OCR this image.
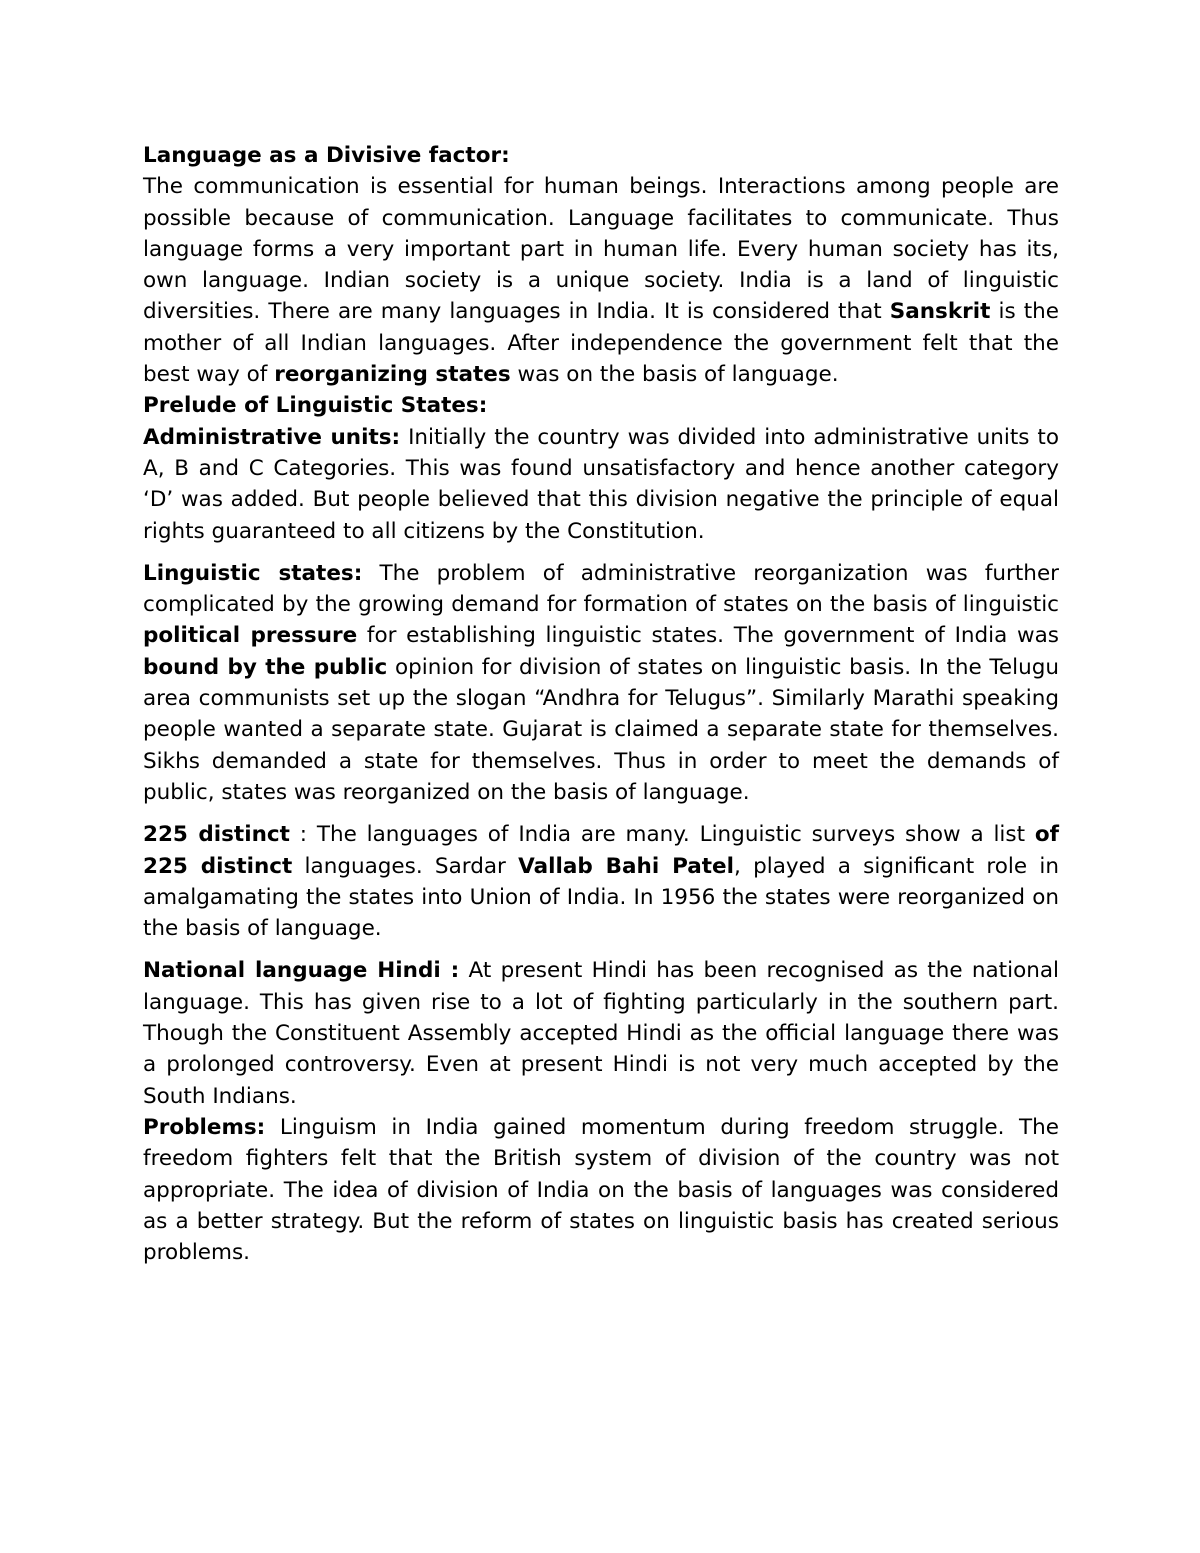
Language as a Divisive factor:

The communication is essential for human beings. Interactions among people are possible because of communication. Language facilitates to communicate. Thus language forms a very important part in human life. Every human society has its, own language. Indian society is a unique society. India is a land of linguistic diversities. There are many languages in India. It is considered that Sanskrit is the mother of all Indian languages. After independence the government felt that the best way of reorganizing states was on the basis of language.

Prelude of Linguistic States:

Administrative units: Initially the country was divided into administrative units to A, B and C Categories. This was found unsatisfactory and hence another category ‘D’ was added. But people believed that this division negative the principle of equal rights guaranteed to all citizens by the Constitution.

Linguistic states: The problem of administrative reorganization was further complicated by the growing demand for formation of states on the basis of linguistic political pressure for establishing linguistic states. The government of India was bound by the public opinion for division of states on linguistic basis. In the Telugu area communists set up the slogan “Andhra for Telugus”. Similarly Marathi speaking people wanted a separate state. Gujarat is claimed a separate state for themselves. Sikhs demanded a state for themselves. Thus in order to meet the demands of public, states was reorganized on the basis of language.

225 distinct : The languages of India are many. Linguistic surveys show a list of 225 distinct languages. Sardar Vallab Bahi Patel, played a significant role in amalgamating the states into Union of India. In 1956 the states were reorganized on the basis of language.

National language Hindi : At present Hindi has been recognised as the national language. This has given rise to a lot of fighting particularly in the southern part. Though the Constituent Assembly accepted Hindi as the official language there was a prolonged controversy. Even at present Hindi is not very much accepted by the South Indians.

Problems: Linguism in India gained momentum during freedom struggle. The freedom fighters felt that the British system of division of the country was not appropriate. The idea of division of India on the basis of languages was considered as a better strategy. But the reform of states on linguistic basis has created serious problems.
